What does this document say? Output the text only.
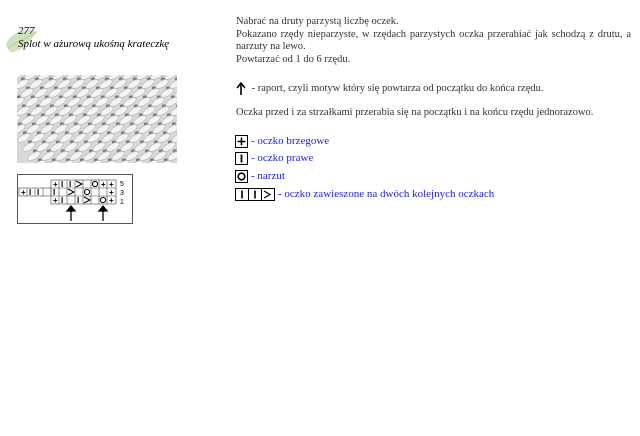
277
Splot w ażurową ukośną krateczkę
+ I I	+ +
+ I I I	+
+ I I	+
5
3
1

Nabrać na druty parzystą liczbę oczek.

Pokazano rzędy nieparzyste, w rzędach parzystych oczka przerabiać jak schodzą z drutu, a narzuty na lewo.

Powtarzać od 1 do 6 rzędu.

- raport, czyli motyw który się powtarza od początku do końca rzędu.
Oczka przed i za strzałkami przerabia się na początku i na końcu rzędu jednorazowo.
- oczko brzegowe
- oczko prawe
- narzut
- oczko zawieszone na dwóch kolejnych oczkach
